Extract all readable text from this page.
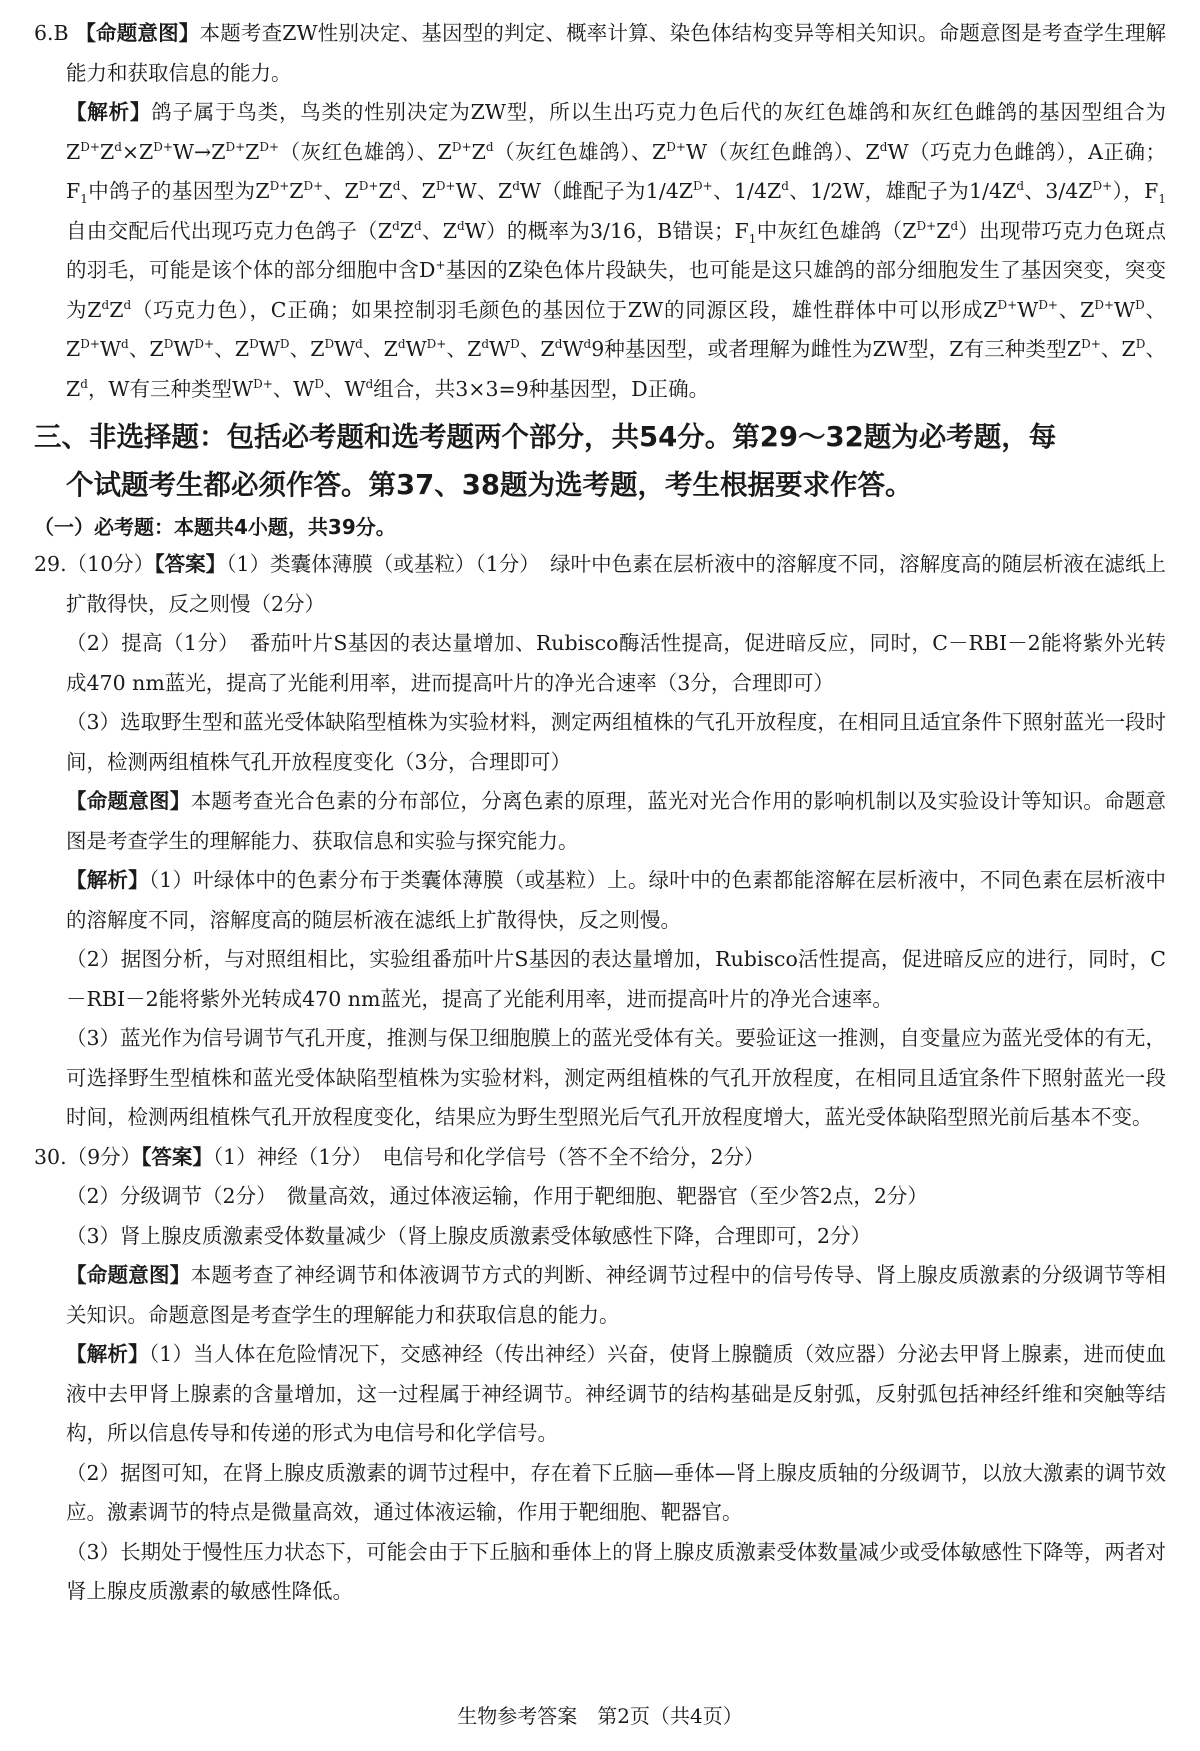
6.B 【命题意图】本题考查ZW性别决定、基因型的判定、概率计算、染色体结构变异等相关知识。命题意图是考查学生理解能力和获取信息的能力。

【解析】鸽子属于鸟类，鸟类的性别决定为ZW型，所以生出巧克力色后代的灰红色雄鸽和灰红色雌鸽的基因型组合为$Z^{D+}Z^d\times Z^{D+}W\to Z^{D+}Z^{D+}$（灰红色雄鸽）、$Z^{D+}Z^d$（灰红色雄鸽）、$Z^{D+}W$（灰红色雌鸽）、$Z^dW$（巧克力色雌鸽），A正确；$F_1$中鸽子的基因型为$Z^{D+}Z^{D+}$、$Z^{D+}Z^d$、$Z^{D+}W$、$Z^dW$（雌配子为$1/4Z^{D+}$、$1/4Z^d$、1/2W，雄配子为$1/4Z^d$、$3/4Z^{D+}$），$F_1$自由交配后代出现巧克力色鸽子（$Z^dZ^d$、$Z^dW$）的概率为3/16，B错误；$F_1$中灰红色雄鸽$(Z^{D+}Z^d)$出现带巧克力色斑点的羽毛，可能是该个体的部分细胞中含D+基因的Z染色体片段缺失，也可能是这只雄鸽的部分细胞发生了基因突变，突变为$Z^dZ^d$（巧克力色），C正确；如果控制羽毛颜色的基因位于ZW的同源区段，雄性群体中可以形成$Z^{D+}W^{D+}$、$Z^{D+}W^D$、$Z^{D+}W^d$、$Z^DW^{D+}$、$Z^DW^D$、$Z^DW^d$、$Z^dW^{D+}$、$Z^dW^D$、$Z^dW^d9$种基因型，或者理解为雌性为ZW型，Z有三种类型$Z^{D+}$、$Z^D$、$Z^d$，W有三种类型$W^{D+}$、$W^D$、$W^d$组合，共3×3=9种基因型，D正确。

三、非选择题：包括必考题和选考题两个部分，共54分。第29～32题为必考题，每
个试题考生都必须作答。第37、38题为选考题，考生根据要求作答。

（一）必考题：本题共4小题，共39分。

29.（10分）【答案】（1）类囊体薄膜（或基粒）（1分）　绿叶中色素在层析液中的溶解度不同，溶解度高的随层析液在滤纸上扩散得快，反之则慢（2分）

（2）提高（1分）　番茄叶片S基因的表达量增加、Rubisco酶活性提高，促进暗反应，同时，C－RBI－2能将紫外光转成470 nm蓝光，提高了光能利用率，进而提高叶片的净光合速率（3分，合理即可）

（3）选取野生型和蓝光受体缺陷型植株为实验材料，测定两组植株的气孔开放程度，在相同且适宜条件下照射蓝光一段时间，检测两组植株气孔开放程度变化（3分，合理即可）

【命题意图】本题考查光合色素的分布部位，分离色素的原理，蓝光对光合作用的影响机制以及实验设计等知识。命题意图是考查学生的理解能力、获取信息和实验与探究能力。

【解析】（1）叶绿体中的色素分布于类囊体薄膜（或基粒）上。绿叶中的色素都能溶解在层析液中，不同色素在层析液中的溶解度不同，溶解度高的随层析液在滤纸上扩散得快，反之则慢。

（2）据图分析，与对照组相比，实验组番茄叶片S基因的表达量增加，Rubisco活性提高，促进暗反应的进行，同时，C－RBI－2能将紫外光转成470 nm蓝光，提高了光能利用率，进而提高叶片的净光合速率。

（3）蓝光作为信号调节气孔开度，推测与保卫细胞膜上的蓝光受体有关。要验证这一推测，自变量应为蓝光受体的有无，可选择野生型植株和蓝光受体缺陷型植株为实验材料，测定两组植株的气孔开放程度，在相同且适宜条件下照射蓝光一段时间，检测两组植株气孔开放程度变化，结果应为野生型照光后气孔开放程度增大，蓝光受体缺陷型照光前后基本不变。

30.（9分）【答案】（1）神经（1分）　电信号和化学信号（答不全不给分，2分）

（2）分级调节（2分）　微量高效，通过体液运输，作用于靶细胞、靶器官（至少答2点，2分）

（3）肾上腺皮质激素受体数量减少（肾上腺皮质激素受体敏感性下降，合理即可，2分）

【命题意图】本题考查了神经调节和体液调节方式的判断、神经调节过程中的信号传导、肾上腺皮质激素的分级调节等相关知识。命题意图是考查学生的理解能力和获取信息的能力。

【解析】（1）当人体在危险情况下，交感神经（传出神经）兴奋，使肾上腺髓质（效应器）分泌去甲肾上腺素，进而使血液中去甲肾上腺素的含量增加，这一过程属于神经调节。神经调节的结构基础是反射弧，反射弧包括神经纤维和突触等结构，所以信息传导和传递的形式为电信号和化学信号。

（2）据图可知，在肾上腺皮质激素的调节过程中，存在着下丘脑—垂体—肾上腺皮质轴的分级调节，以放大激素的调节效应。激素调节的特点是微量高效，通过体液运输，作用于靶细胞、靶器官。

（3）长期处于慢性压力状态下，可能会由于下丘脑和垂体上的肾上腺皮质激素受体数量减少或受体敏感性下降等，两者对肾上腺皮质激素的敏感性降低。

生物参考答案　第2页（共4页）
